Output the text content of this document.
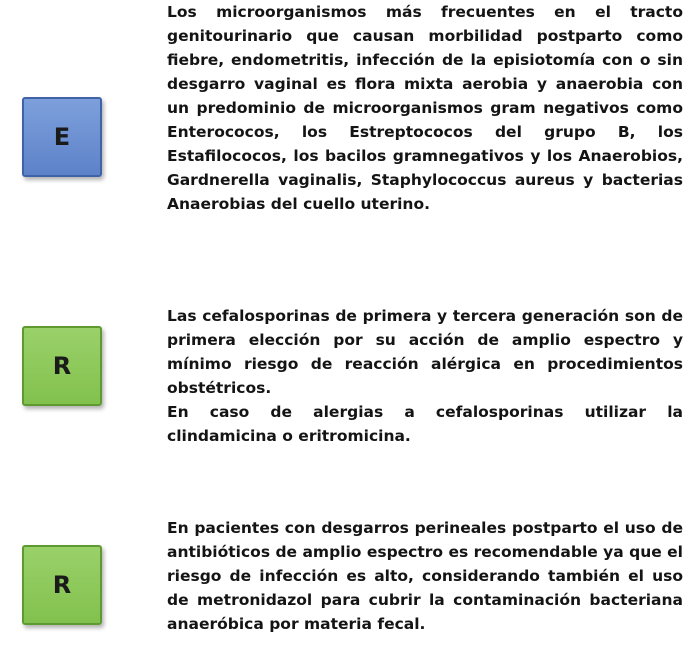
E

Los microorganismos más frecuentes en el tracto genitourinario que causan morbilidad postparto como fiebre, endometritis, infección de la episiotomía con o sin desgarro vaginal es flora mixta aerobia y anaerobia con un predominio de microorganismos gram negativos como Enterococos, los Estreptococos del grupo B, los Estafilococos, los bacilos gramnegativos y los Anaerobios, Gardnerella vaginalis, Staphylococcus aureus y bacterias Anaerobias del cuello uterino.

R

Las cefalosporinas de primera y tercera generación son de primera elección por su acción de amplio espectro y mínimo riesgo de reacción alérgica en procedimientos obstétricos.

En caso de alergias a cefalosporinas utilizar la clindamicina o eritromicina.

R

En pacientes con desgarros perineales postparto el uso de antibióticos de amplio espectro es recomendable ya que el riesgo de infección es alto, considerando también el uso de metronidazol para cubrir la contaminación bacteriana anaeróbica por materia fecal.
